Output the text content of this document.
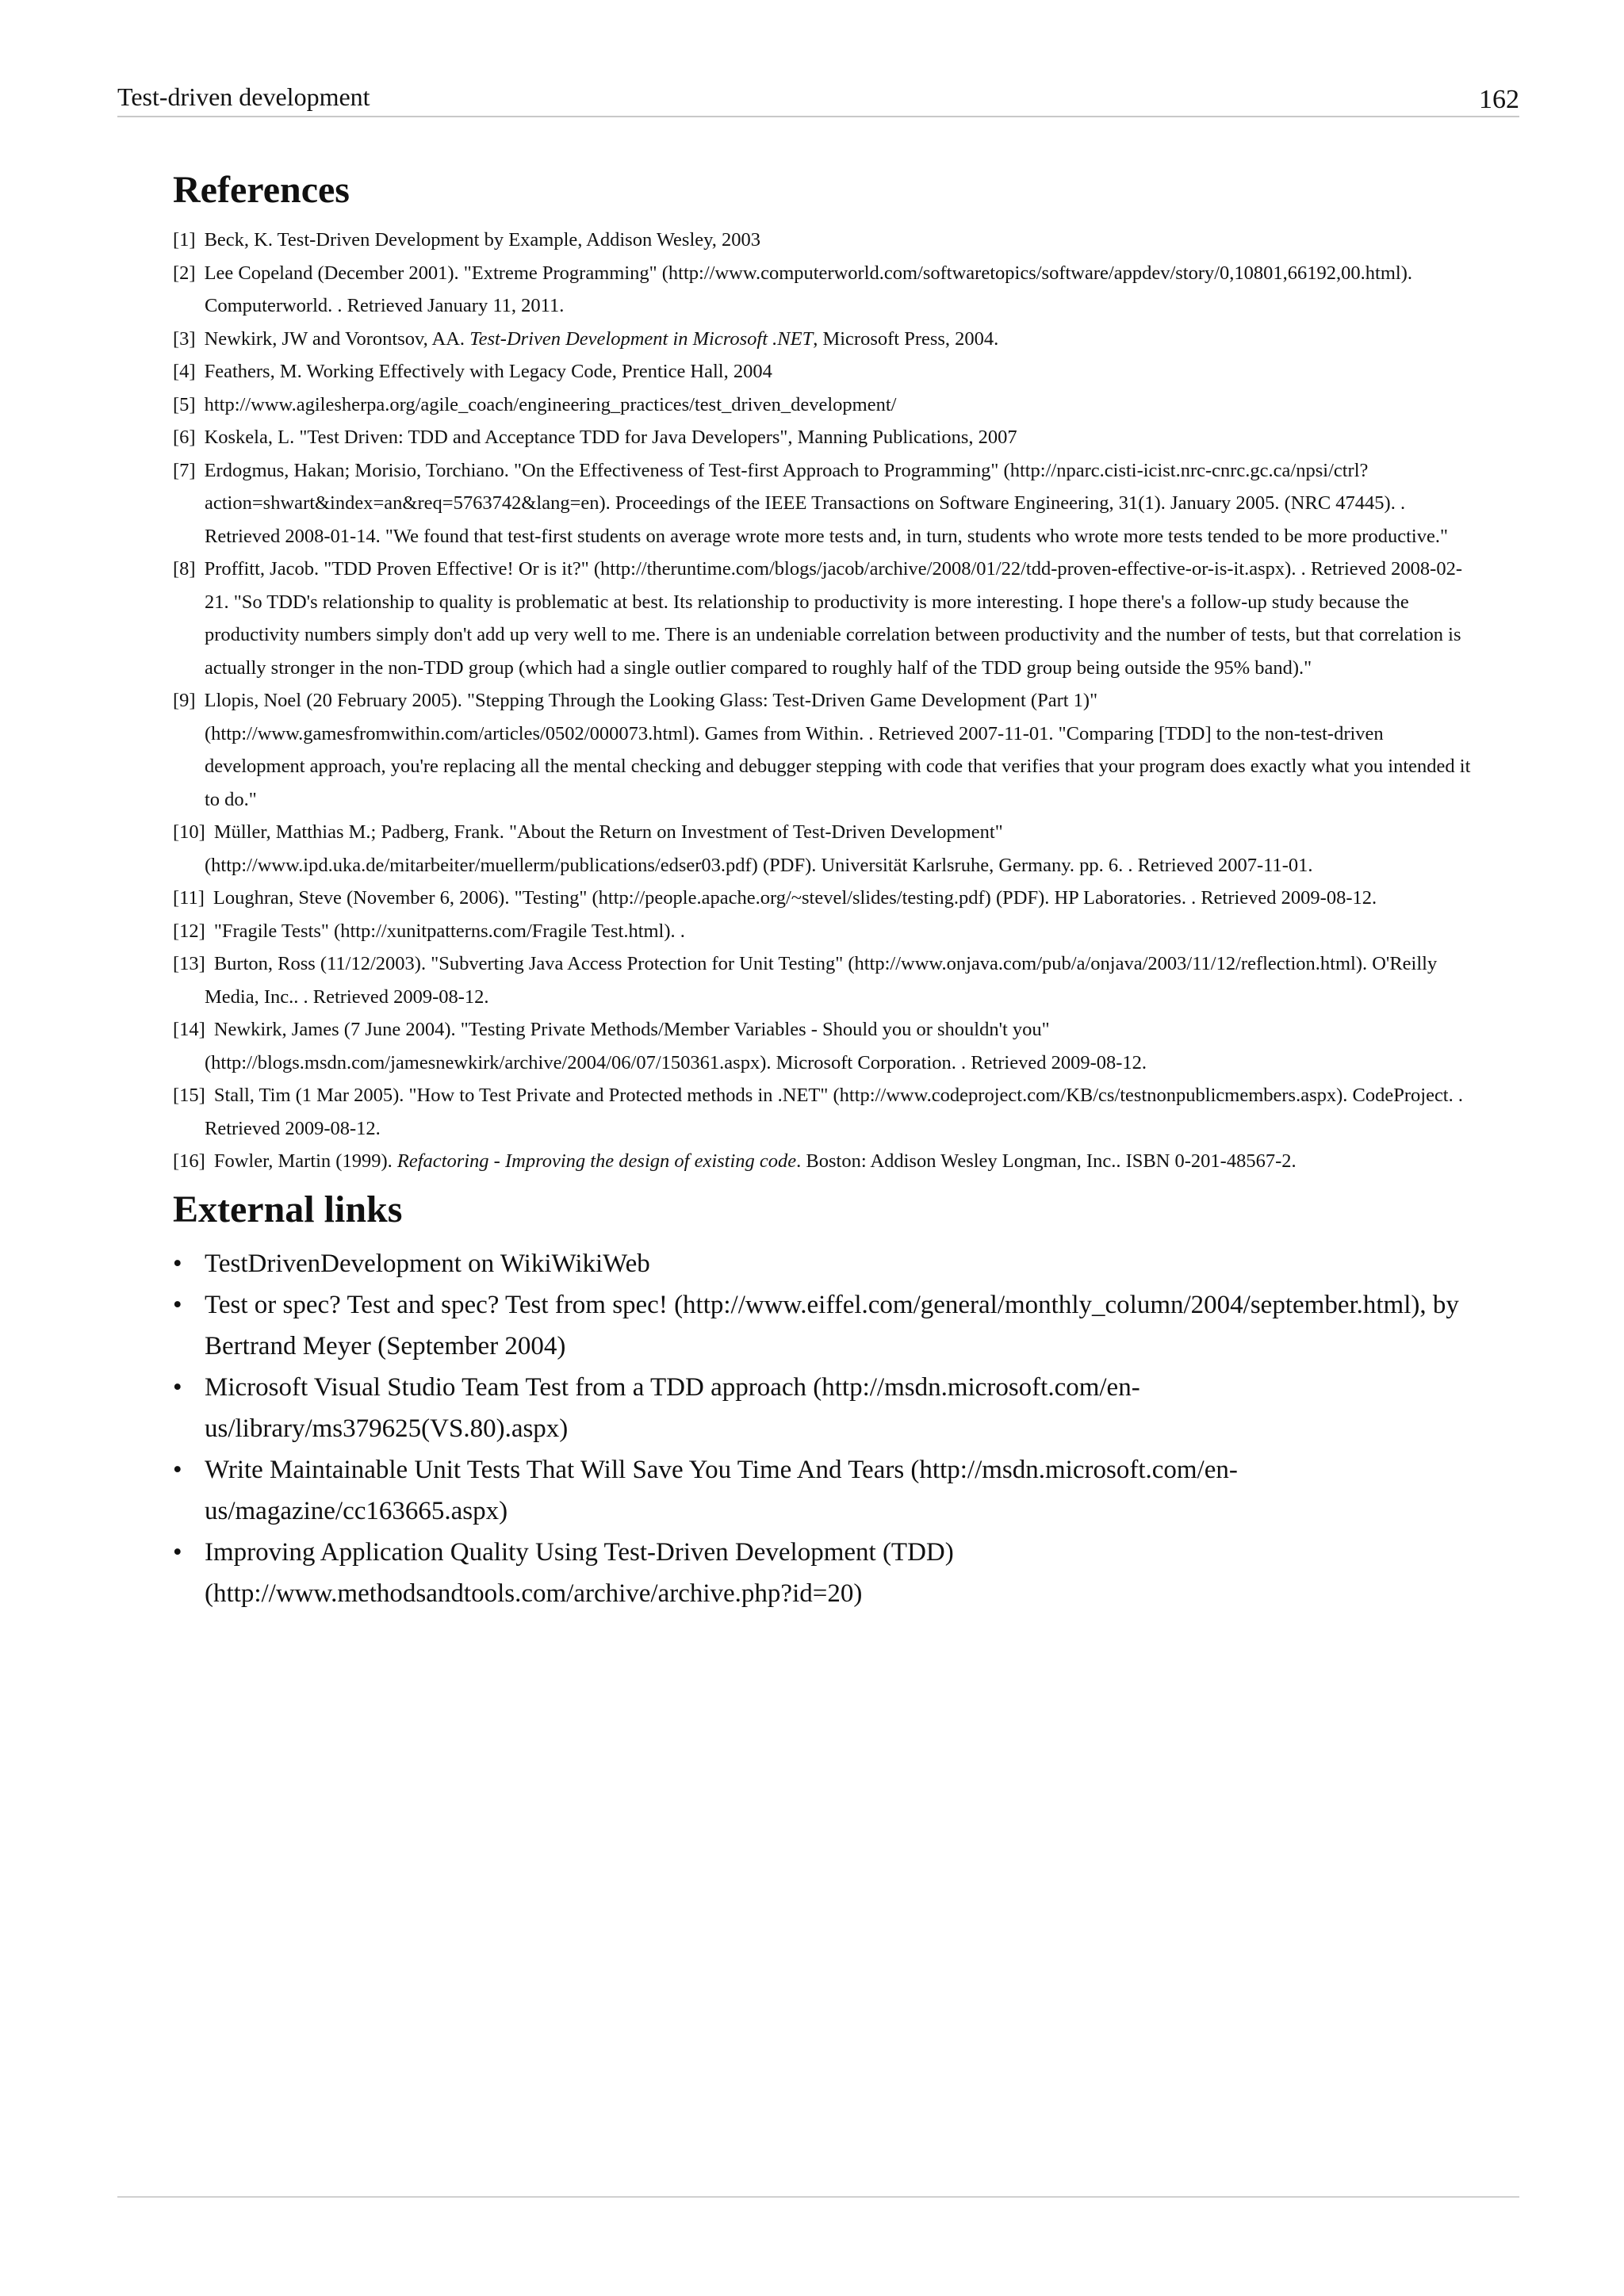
Test-driven development	162
References
[1] Beck, K. Test-Driven Development by Example, Addison Wesley, 2003
[2] Lee Copeland (December 2001). "Extreme Programming" (http://www.computerworld.com/softwaretopics/software/appdev/story/0,10801,66192,00.html). Computerworld. . Retrieved January 11, 2011.
[3] Newkirk, JW and Vorontsov, AA. Test-Driven Development in Microsoft .NET, Microsoft Press, 2004.
[4] Feathers, M. Working Effectively with Legacy Code, Prentice Hall, 2004
[5] http://www.agilesherpa.org/agile_coach/engineering_practices/test_driven_development/
[6] Koskela, L. "Test Driven: TDD and Acceptance TDD for Java Developers", Manning Publications, 2007
[7] Erdogmus, Hakan; Morisio, Torchiano. "On the Effectiveness of Test-first Approach to Programming" (http://nparc.cisti-icist.nrc-cnrc.gc.ca/npsi/ctrl?action=shwart&index=an&req=5763742&lang=en). Proceedings of the IEEE Transactions on Software Engineering, 31(1). January 2005. (NRC 47445). . Retrieved 2008-01-14. "We found that test-first students on average wrote more tests and, in turn, students who wrote more tests tended to be more productive."
[8] Proffitt, Jacob. "TDD Proven Effective! Or is it?" (http://theruntime.com/blogs/jacob/archive/2008/01/22/tdd-proven-effective-or-is-it.aspx). . Retrieved 2008-02-21. "So TDD's relationship to quality is problematic at best. Its relationship to productivity is more interesting. I hope there's a follow-up study because the productivity numbers simply don't add up very well to me. There is an undeniable correlation between productivity and the number of tests, but that correlation is actually stronger in the non-TDD group (which had a single outlier compared to roughly half of the TDD group being outside the 95% band)."
[9] Llopis, Noel (20 February 2005). "Stepping Through the Looking Glass: Test-Driven Game Development (Part 1)" (http://www.gamesfromwithin.com/articles/0502/000073.html). Games from Within. . Retrieved 2007-11-01. "Comparing [TDD] to the non-test-driven development approach, you're replacing all the mental checking and debugger stepping with code that verifies that your program does exactly what you intended it to do."
[10] Müller, Matthias M.; Padberg, Frank. "About the Return on Investment of Test-Driven Development" (http://www.ipd.uka.de/mitarbeiter/muellerm/publications/edser03.pdf) (PDF). Universität Karlsruhe, Germany. pp. 6. . Retrieved 2007-11-01.
[11] Loughran, Steve (November 6, 2006). "Testing" (http://people.apache.org/~stevel/slides/testing.pdf) (PDF). HP Laboratories. . Retrieved 2009-08-12.
[12] "Fragile Tests" (http://xunitpatterns.com/Fragile Test.html). .
[13] Burton, Ross (11/12/2003). "Subverting Java Access Protection for Unit Testing" (http://www.onjava.com/pub/a/onjava/2003/11/12/reflection.html). O'Reilly Media, Inc.. . Retrieved 2009-08-12.
[14] Newkirk, James (7 June 2004). "Testing Private Methods/Member Variables - Should you or shouldn't you" (http://blogs.msdn.com/jamesnewkirk/archive/2004/06/07/150361.aspx). Microsoft Corporation. . Retrieved 2009-08-12.
[15] Stall, Tim (1 Mar 2005). "How to Test Private and Protected methods in .NET" (http://www.codeproject.com/KB/cs/testnonpublicmembers.aspx). CodeProject. . Retrieved 2009-08-12.
[16] Fowler, Martin (1999). Refactoring - Improving the design of existing code. Boston: Addison Wesley Longman, Inc.. ISBN 0-201-48567-2.
External links
• TestDrivenDevelopment on WikiWikiWeb
• Test or spec? Test and spec? Test from spec! (http://www.eiffel.com/general/monthly_column/2004/september.html), by Bertrand Meyer (September 2004)
• Microsoft Visual Studio Team Test from a TDD approach (http://msdn.microsoft.com/en-us/library/ms379625(VS.80).aspx)
• Write Maintainable Unit Tests That Will Save You Time And Tears (http://msdn.microsoft.com/en-us/magazine/cc163665.aspx)
• Improving Application Quality Using Test-Driven Development (TDD) (http://www.methodsandtools.com/archive/archive.php?id=20)
